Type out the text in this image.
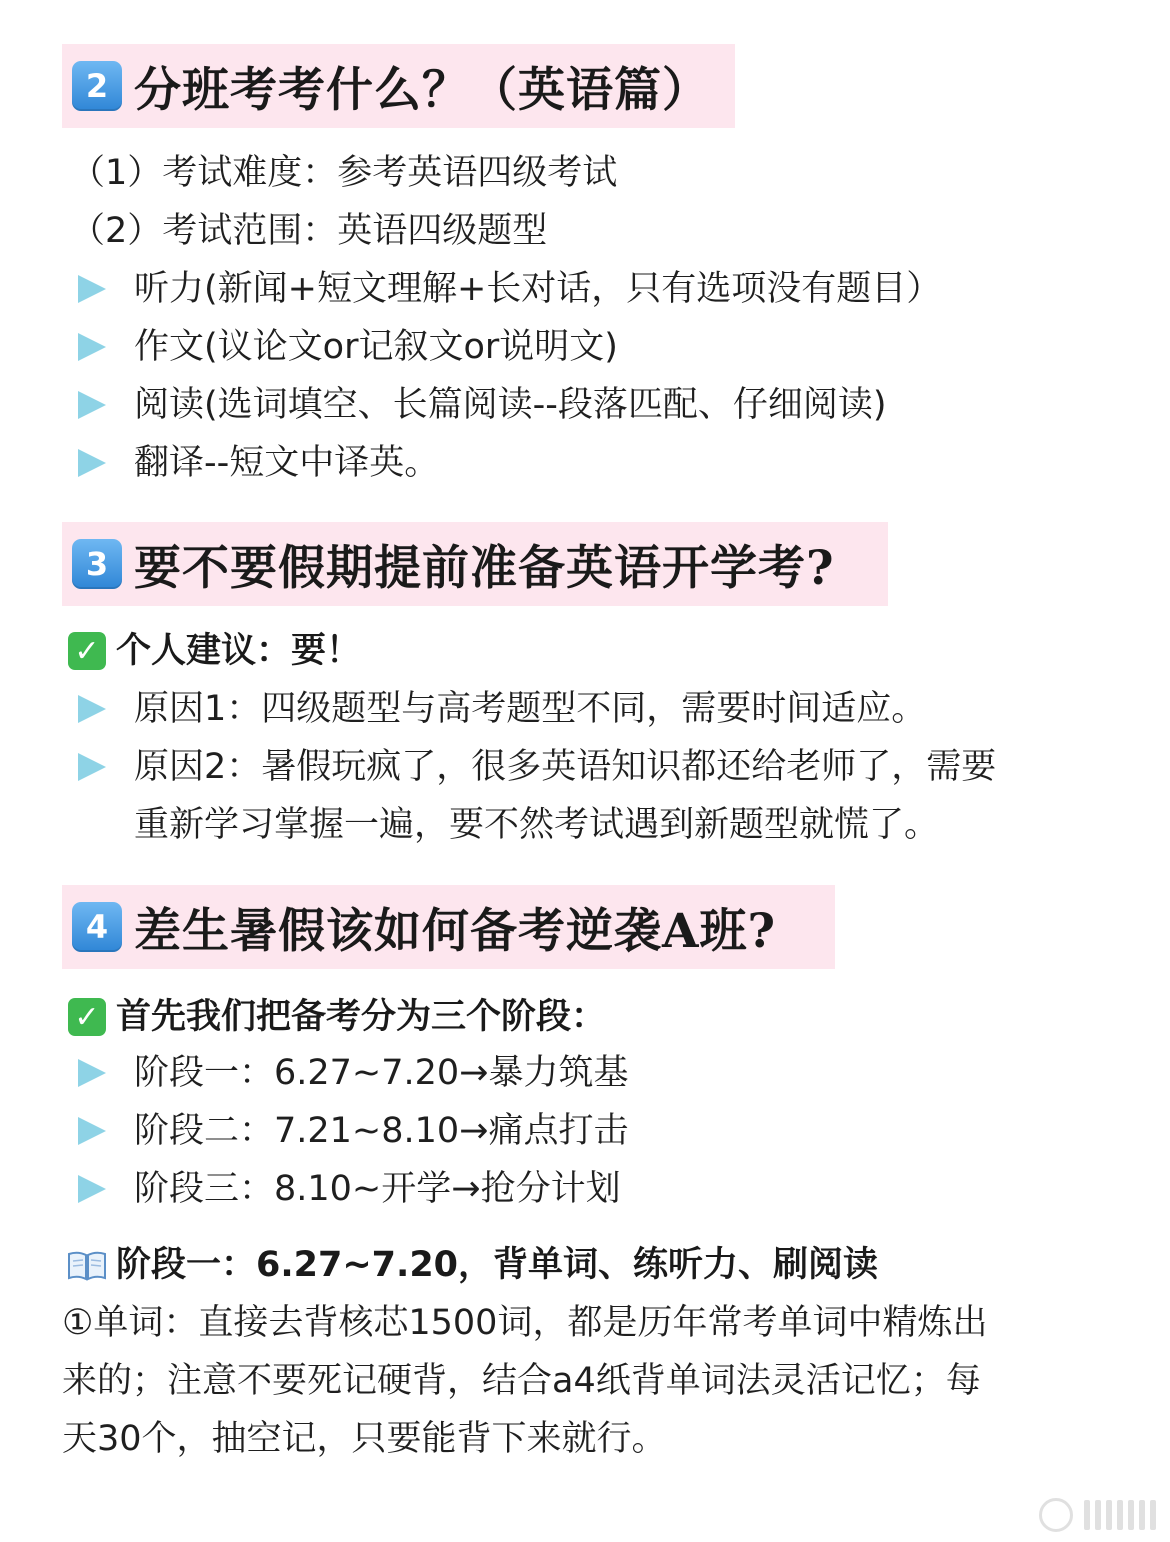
2 分班考考什么？（英语篇）
（1）考试难度：参考英语四级考试
（2）考试范围：英语四级题型
听力(新闻+短文理解+长对话，只有选项没有题目）
作文(议论文or记叙文or说明文)
阅读(选词填空、长篇阅读--段落匹配、仔细阅读)
翻译--短文中译英。
3 要不要假期提前准备英语开学考?
✓ 个人建议：要！
原因1：四级题型与高考题型不同，需要时间适应。
原因2：暑假玩疯了，很多英语知识都还给老师了，需要
重新学习掌握一遍，要不然考试遇到新题型就慌了。
4 差生暑假该如何备考逆袭A班?
✓ 首先我们把备考分为三个阶段：
阶段一：6.27~7.20→暴力筑基
阶段二：7.21~8.10→痛点打击
阶段三：8.10~开学→抢分计划
阶段一：6.27~7.20，背单词、练听力、刷阅读
①单词：直接去背核芯1500词，都是历年常考单词中精炼出
来的；注意不要死记硬背，结合a4纸背单词法灵活记忆；每
天30个，抽空记，只要能背下来就行。
